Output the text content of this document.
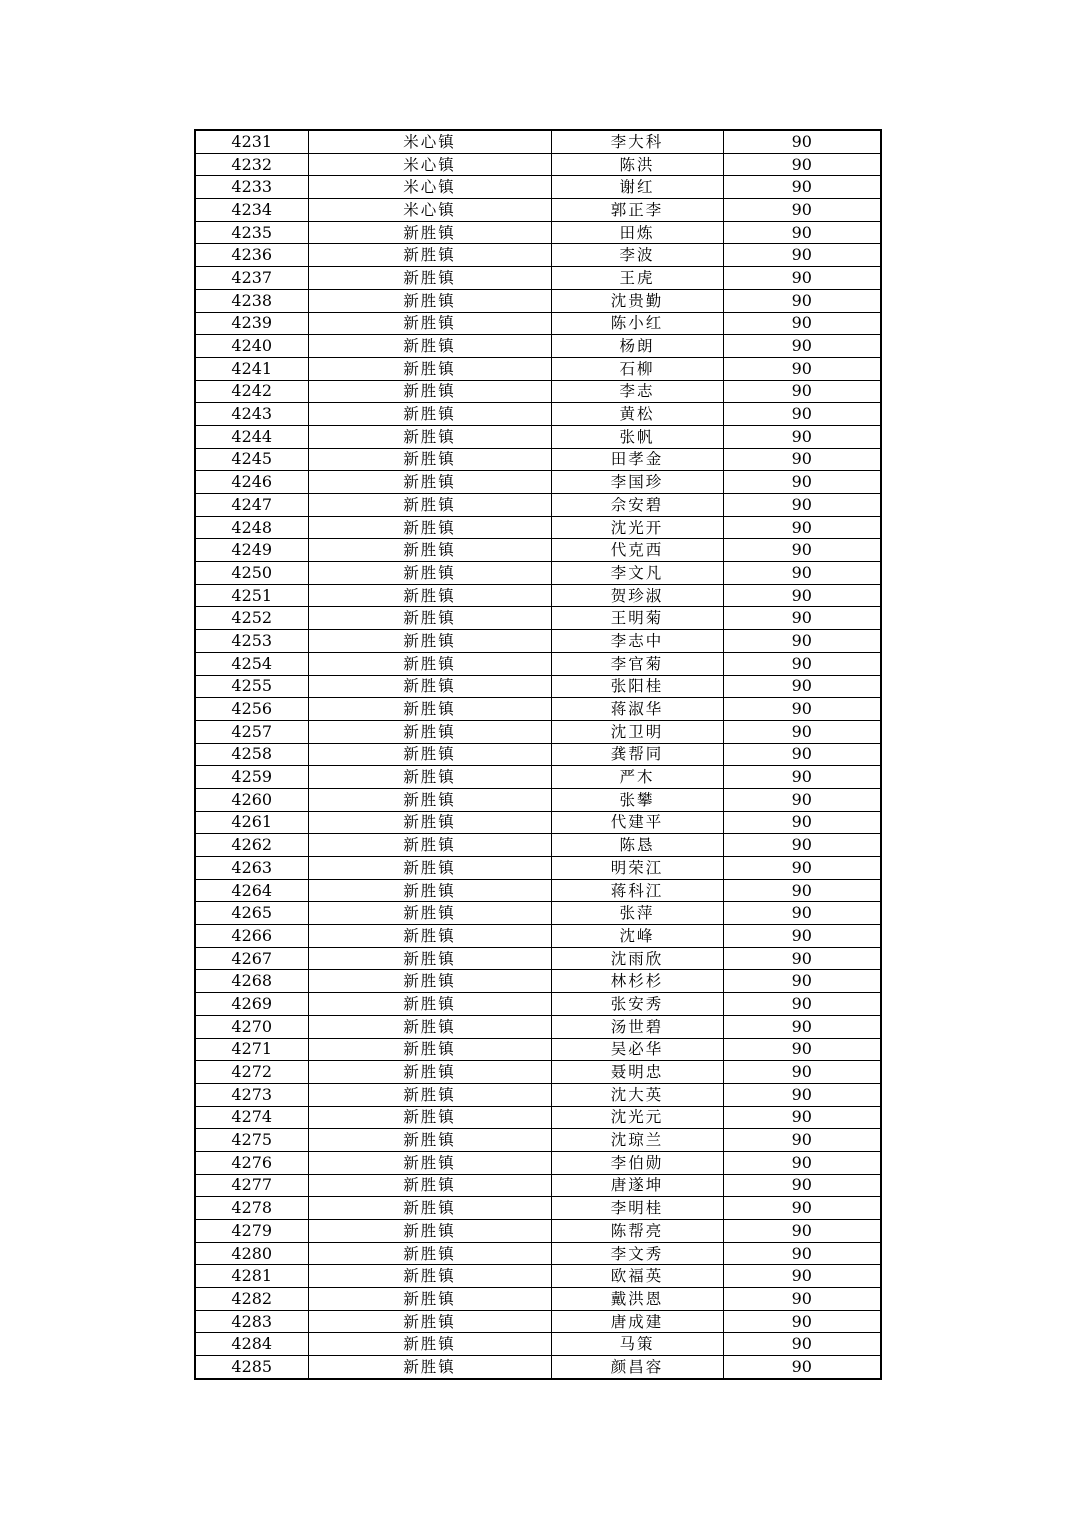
4231	米心镇	李大科	90
4232	米心镇	陈洪	90
4233	米心镇	谢红	90
4234	米心镇	郭正李	90
4235	新胜镇	田炼	90
4236	新胜镇	李波	90
4237	新胜镇	王虎	90
4238	新胜镇	沈贵勤	90
4239	新胜镇	陈小红	90
4240	新胜镇	杨朗	90
4241	新胜镇	石柳	90
4242	新胜镇	李志	90
4243	新胜镇	黄松	90
4244	新胜镇	张帆	90
4245	新胜镇	田孝金	90
4246	新胜镇	李国珍	90
4247	新胜镇	佘安碧	90
4248	新胜镇	沈光开	90
4249	新胜镇	代克西	90
4250	新胜镇	李文凡	90
4251	新胜镇	贺珍淑	90
4252	新胜镇	王明菊	90
4253	新胜镇	李志中	90
4254	新胜镇	李官菊	90
4255	新胜镇	张阳桂	90
4256	新胜镇	蒋淑华	90
4257	新胜镇	沈卫明	90
4258	新胜镇	龚帮同	90
4259	新胜镇	严木	90
4260	新胜镇	张攀	90
4261	新胜镇	代建平	90
4262	新胜镇	陈恳	90
4263	新胜镇	明荣江	90
4264	新胜镇	蒋科江	90
4265	新胜镇	张萍	90
4266	新胜镇	沈峰	90
4267	新胜镇	沈雨欣	90
4268	新胜镇	林杉杉	90
4269	新胜镇	张安秀	90
4270	新胜镇	汤世碧	90
4271	新胜镇	吴必华	90
4272	新胜镇	聂明忠	90
4273	新胜镇	沈大英	90
4274	新胜镇	沈光元	90
4275	新胜镇	沈琼兰	90
4276	新胜镇	李伯勋	90
4277	新胜镇	唐遂坤	90
4278	新胜镇	李明桂	90
4279	新胜镇	陈帮亮	90
4280	新胜镇	李文秀	90
4281	新胜镇	欧福英	90
4282	新胜镇	戴洪恩	90
4283	新胜镇	唐成建	90
4284	新胜镇	马策	90
4285	新胜镇	颜昌容	90
